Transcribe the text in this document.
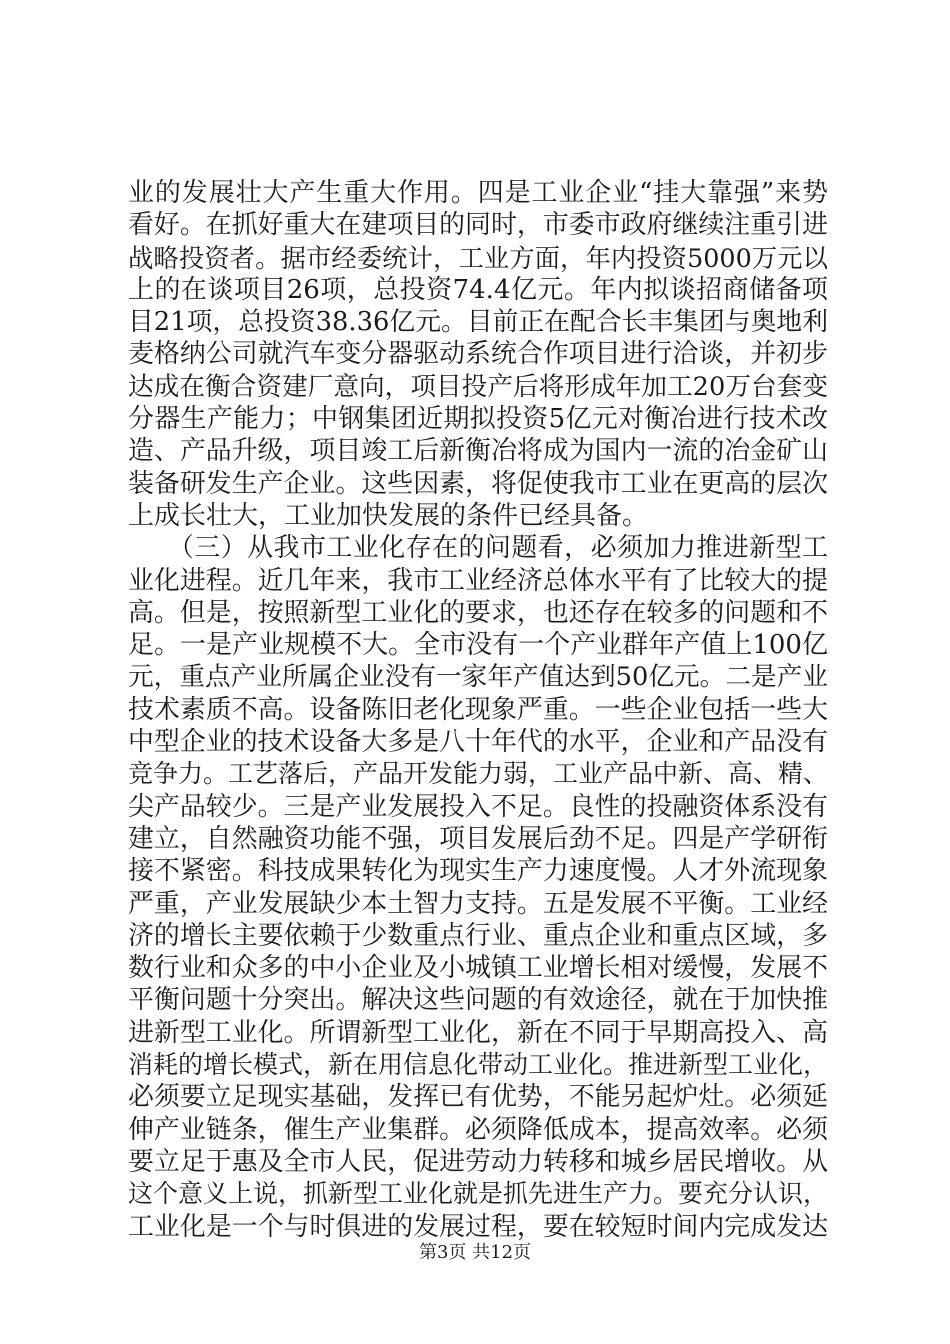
业的发展壮大产生重大作用。四是工业企业“挂大靠强”来势
看好。在抓好重大在建项目的同时，市委市政府继续注重引进
战略投资者。据市经委统计，工业方面，年内投资5000万元以
上的在谈项目26项，总投资74.4亿元。年内拟谈招商储备项
目21项，总投资38.36亿元。目前正在配合长丰集团与奥地利
麦格纳公司就汽车变分器驱动系统合作项目进行洽谈，并初步
达成在衡合资建厂意向，项目投产后将形成年加工20万台套变
分器生产能力；中钢集团近期拟投资5亿元对衡冶进行技术改
造、产品升级，项目竣工后新衡冶将成为国内一流的冶金矿山
装备研发生产企业。这些因素，将促使我市工业在更高的层次
上成长壮大，工业加快发展的条件已经具备。
　　（三）从我市工业化存在的问题看，必须加力推进新型工
业化进程。近几年来，我市工业经济总体水平有了比较大的提
高。但是，按照新型工业化的要求，也还存在较多的问题和不
足。一是产业规模不大。全市没有一个产业群年产值上100亿
元，重点产业所属企业没有一家年产值达到50亿元。二是产业
技术素质不高。设备陈旧老化现象严重。一些企业包括一些大
中型企业的技术设备大多是八十年代的水平，企业和产品没有
竞争力。工艺落后，产品开发能力弱，工业产品中新、高、精、
尖产品较少。三是产业发展投入不足。良性的投融资体系没有
建立，自然融资功能不强，项目发展后劲不足。四是产学研衔
接不紧密。科技成果转化为现实生产力速度慢。人才外流现象
严重，产业发展缺少本土智力支持。五是发展不平衡。工业经
济的增长主要依赖于少数重点行业、重点企业和重点区域，多
数行业和众多的中小企业及小城镇工业增长相对缓慢，发展不
平衡问题十分突出。解决这些问题的有效途径，就在于加快推
进新型工业化。所谓新型工业化，新在不同于早期高投入、高
消耗的增长模式，新在用信息化带动工业化。推进新型工业化，
必须要立足现实基础，发挥已有优势，不能另起炉灶。必须延
伸产业链条，催生产业集群。必须降低成本，提高效率。必须
要立足于惠及全市人民，促进劳动力转移和城乡居民增收。从
这个意义上说，抓新型工业化就是抓先进生产力。要充分认识，
工业化是一个与时俱进的发展过程，要在较短时间内完成发达
第3页 共12页
